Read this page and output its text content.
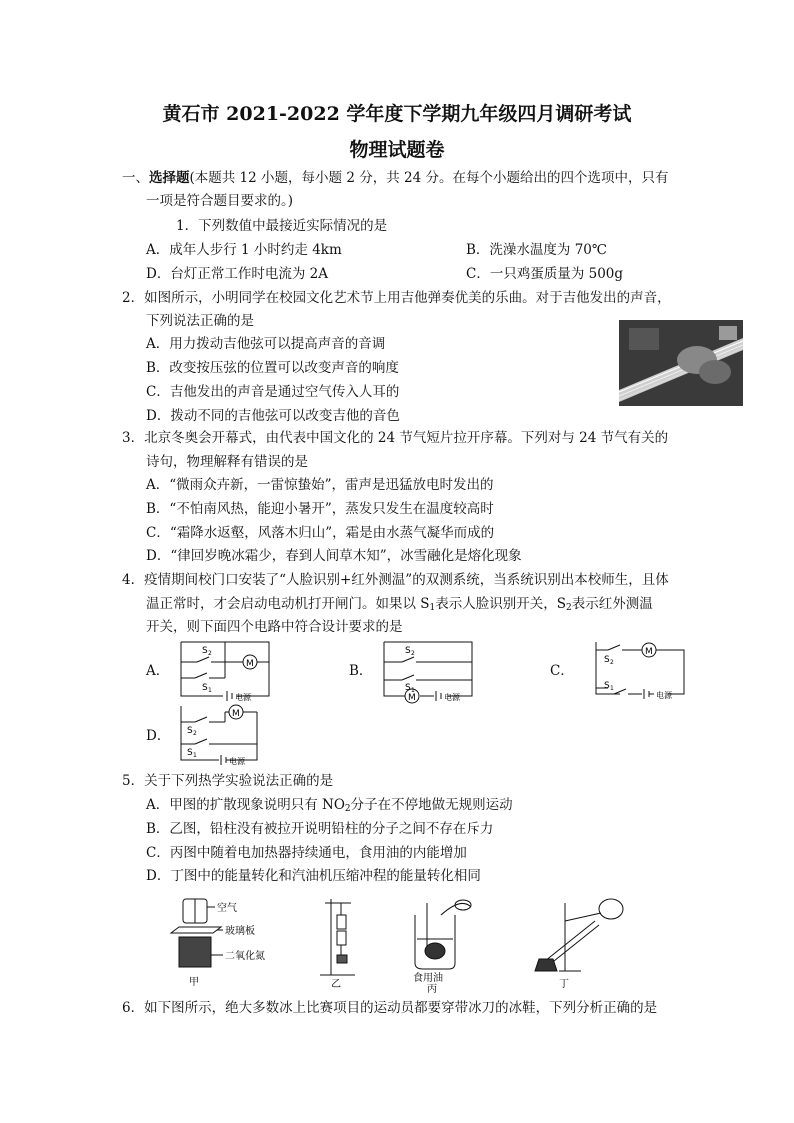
黄石市 2021-2022 学年度下学期九年级四月调研考试
物理试题卷
一、选择题(本题共 12 小题，每小题 2 分，共 24 分。在每个小题给出的四个选项中，只有
一项是符合题目要求的。)
1．下列数值中最接近实际情况的是
A．成年人步行 1 小时约走 4km	B．洗澡水温度为 70℃
D．台灯正常工作时电流为 2A	C．一只鸡蛋质量为 500g
2．如图所示，小明同学在校园文化艺术节上用吉他弹奏优美的乐曲。对于吉他发出的声音，
下列说法正确的是
A．用力拨动吉他弦可以提高声音的音调
B．改变按压弦的位置可以改变声音的响度
C．吉他发出的声音是通过空气传入人耳的
D．拨动不同的吉他弦可以改变吉他的音色
3．北京冬奥会开幕式，由代表中国文化的 24 节气短片拉开序幕。下列对与 24 节气有关的
诗句，物理解释有错误的是
A．“微雨众卉新，一雷惊蛰始”，雷声是迅猛放电时发出的
B．“不怕南风热，能迎小暑开”，蒸发只发生在温度较高时
C．“霜降水返壑，风落木归山”，霜是由水蒸气凝华而成的
D．“律回岁晚冰霜少，春到人间草木知”，冰雪融化是熔化现象
4．疫情期间校门口安装了“人脸识别+红外测温”的双测系统，当系统识别出本校师生，且体
温正常时，才会启动电动机打开闸门。如果以 $S_1$表示人脸识别开关，$S_2$表示红外测温
开关，则下面四个电路中符合设计要求的是
A．	B．	C．
D．
S 2
S 1
M
电源
S 2
S 1
M	电源
S 2
S 1
M
电源
S 2
S 1
M
电源
5．关于下列热学实验说法正确的是
A．甲图的扩散现象说明只有 $NO_2$分子在不停地做无规则运动
B．乙图，铅柱没有被拉开说明铅柱的分子之间不存在斥力
C．丙图中随着电加热器持续通电，食用油的内能增加
D．丁图中的能量转化和汽油机压缩冲程的能量转化相同
空气
玻璃板
二氧化氮
食用油
甲	乙	丙	丁
6．如下图所示，绝大多数冰上比赛项目的运动员都要穿带冰刀的冰鞋，下列分析正确的是
